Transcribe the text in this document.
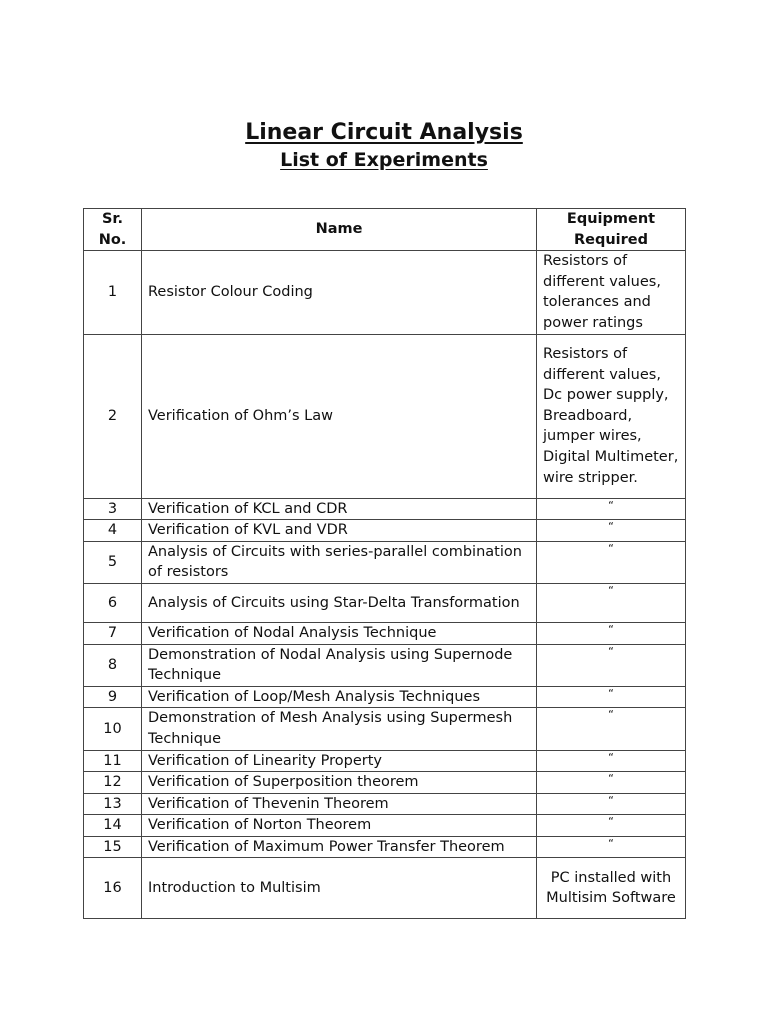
Linear Circuit Analysis
List of Experiments
Sr. No.	Name	Equipment Required
1	Resistor Colour Coding	Resistors of different values, tolerances and power ratings
2	Verification of Ohm’s Law	Resistors of different values, Dc power supply, Breadboard, jumper wires, Digital Multimeter, wire stripper.
3	Verification of KCL and CDR	“
4	Verification of KVL and VDR	“
5	Analysis of Circuits with series-parallel combination of resistors	“
6	Analysis of Circuits using Star-Delta Transformation	“
7	Verification of Nodal Analysis Technique	“
8	Demonstration of Nodal Analysis using Supernode Technique	“
9	Verification of Loop/Mesh Analysis Techniques	“
10	Demonstration of Mesh Analysis using Supermesh Technique	“
11	Verification of Linearity Property	“
12	Verification of Superposition theorem	“
13	Verification of Thevenin Theorem	“
14	Verification of Norton Theorem	“
15	Verification of Maximum Power Transfer Theorem	“
16	Introduction to Multisim	PC installed with Multisim Software
